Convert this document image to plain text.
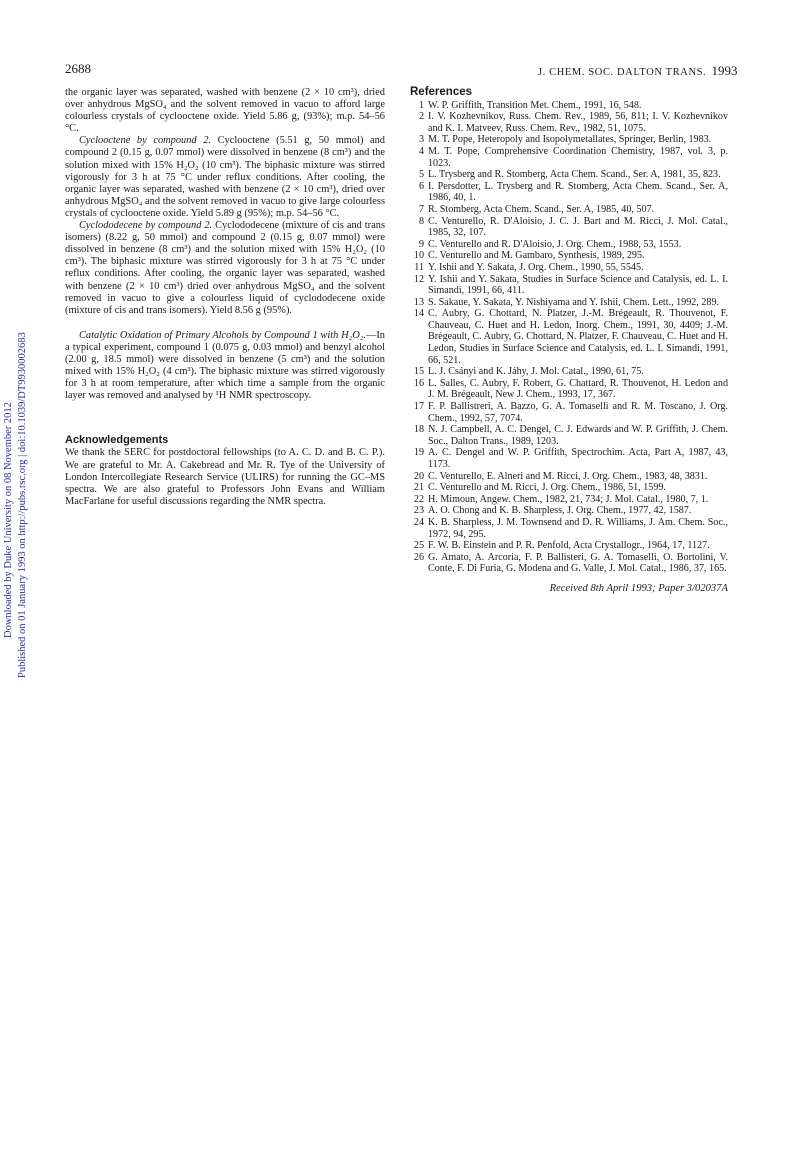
2688	J. CHEM. SOC. DALTON TRANS. 1993
Downloaded by Duke University on 08 November 2012 Published on 01 January 1993 on http://pubs.rsc.org | doi:10.1039/DT9930002683

the organic layer was separated, washed with benzene (2 × 10 cm³), dried over anhydrous MgSO₄ and the solvent removed in vacuo to afford large colourless crystals of cyclooctene oxide. Yield 5.86 g, (93%); m.p. 54–56 °C.

Cyclooctene by compound 2. Cyclooctene (5.51 g, 50 mmol) and compound 2 (0.15 g, 0.07 mmol) were dissolved in benzene (8 cm³) and the solution mixed with 15% H₂O₂ (10 cm³). The biphasic mixture was stirred vigorously for 3 h at 75 °C under reflux conditions. After cooling, the organic layer was separated, washed with benzene (2 × 10 cm³), dried over anhydrous MgSO₄ and the solvent removed in vacuo to give large colourless crystals of cyclooctene oxide. Yield 5.89 g (95%); m.p. 54–56 °C.

Cyclododecene by compound 2. Cyclododecene (mixture of cis and trans isomers) (8.22 g, 50 mmol) and compound 2 (0.15 g, 0.07 mmol) were dissolved in benzene (8 cm³) and the solution mixed with 15% H₂O₂ (10 cm³). The biphasic mixture was stirred vigorously for 3 h at 75 °C under reflux conditions. After cooling, the organic layer was separated, washed with benzene (2 × 10 cm³) dried over anhydrous MgSO₄ and the solvent removed in vacuo to give a colourless liquid of cyclododecene oxide (mixture of cis and trans isomers). Yield 8.56 g (95%).

Catalytic Oxidation of Primary Alcohols by Compound 1 with H₂O₂.—In a typical experiment, compound 1 (0.075 g, 0.03 mmol) and benzyl alcohol (2.00 g, 18.5 mmol) were dissolved in benzene (5 cm³) and the solution mixed with 15% H₂O₂ (4 cm³). The biphasic mixture was stirred vigorously for 3 h at room temperature, after which time a sample from the organic layer was removed and analysed by ¹H NMR spectroscopy.

Acknowledgements

We thank the SERC for postdoctoral fellowships (to A. C. D. and B. C. P.). We are grateful to Mr. A. Cakebread and Mr. R. Tye of the University of London Intercollegiate Research Service (ULIRS) for running the GC–MS spectra. We are also grateful to Professors John Evans and William MacFarlane for useful discussions regarding the NMR spectra.

References
1 W. P. Griffith, Transition Met. Chem., 1991, 16, 548.
2 I. V. Kozhevnikov, Russ. Chem. Rev., 1989, 56, 811; I. V. Kozhevnikov and K. I. Matveev, Russ. Chem. Rev., 1982, 51, 1075.
3 M. T. Pope, Heteropoly and Isopolymetallates, Springer, Berlin, 1983.
4 M. T. Pope, Comprehensive Coordination Chemistry, 1987, vol. 3, p. 1023.
5 L. Trysberg and R. Stomberg, Acta Chem. Scand., Ser. A, 1981, 35, 823.
6 I. Persdotter, L. Trysberg and R. Stomberg, Acta Chem. Scand., Ser. A, 1986, 40, 1.
7 R. Stomberg, Acta Chem. Scand., Ser. A, 1985, 40, 507.
8 C. Venturello, R. D'Aloisio, J. C. J. Bart and M. Ricci, J. Mol. Catal., 1985, 32, 107.
9 C. Venturello and R. D'Aloisio, J. Org. Chem., 1988, 53, 1553.
10 C. Venturello and M. Gambaro, Synthesis, 1989, 295.
11 Y. Ishii and Y. Sakata, J. Org. Chem., 1990, 55, 5545.
12 Y. Ishii and Y. Sakata, Studies in Surface Science and Catalysis, ed. L. I. Simandi, 1991, 66, 411.
13 S. Sakaue, Y. Sakata, Y. Nishiyama and Y. Ishii, Chem. Lett., 1992, 289.
14 C. Aubry, G. Chottard, N. Platzer, J.-M. Brégeault, R. Thouvenot, F. Chauveau, C. Huet and H. Ledon, Inorg. Chem., 1991, 30, 4409; J.-M. Brégeault, C. Aubry, G. Chottard, N. Platzer, F. Chauveau, C. Huet and H. Ledon, Studies in Surface Science and Catalysis, ed. L. I. Simandi, 1991, 66, 521.
15 L. J. Csányi and K. Jáhy, J. Mol. Catal., 1990, 61, 75.
16 L. Salles, C. Aubry, F. Robert, G. Chattard, R. Thouvenot, H. Ledon and J. M. Brégeault, New J. Chem., 1993, 17, 367.
17 F. P. Ballistreri, A. Bazzo, G. A. Tomaselli and R. M. Toscano, J. Org. Chem., 1992, 57, 7074.
18 N. J. Campbell, A. C. Dengel, C. J. Edwards and W. P. Griffith, J. Chem. Soc., Dalton Trans., 1989, 1203.
19 A. C. Dengel and W. P. Griffith, Spectrochim. Acta, Part A, 1987, 43, 1173.
20 C. Venturello, E. Alneri and M. Ricci, J. Org. Chem., 1983, 48, 3831.
21 C. Venturello and M. Ricci, J. Org. Chem., 1986, 51, 1599.
22 H. Mimoun, Angew. Chem., 1982, 21, 734; J. Mol. Catal., 1980, 7, 1.
23 A. O. Chong and K. B. Sharpless, J. Org. Chem., 1977, 42, 1587.
24 K. B. Sharpless, J. M. Townsend and D. R. Williams, J. Am. Chem. Soc., 1972, 94, 295.
25 F. W. B. Einstein and P. R. Penfold, Acta Crystallogr., 1964, 17, 1127.
26 G. Amato, A. Arcoria, F. P. Ballisteri, G. A. Tomaselli, O. Bortolini, V. Conte, F. Di Furia, G. Modena and G. Valle, J. Mol. Catal., 1986, 37, 165.
Received 8th April 1993; Paper 3/02037A
